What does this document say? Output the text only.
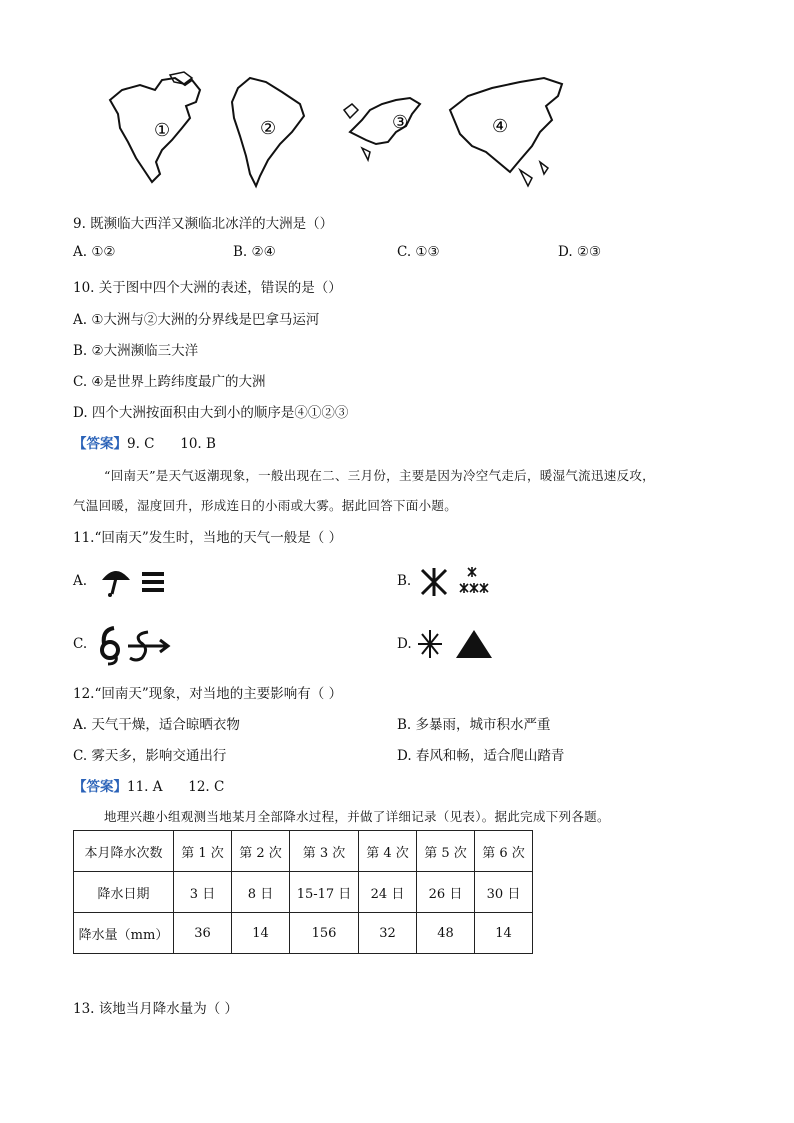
①	②	③	④
9. 既濒临大西洋又濒临北冰洋的大洲是（）
A. ①②	B. ②④	C. ①③	D. ②③
10. 关于图中四个大洲的表述，错误的是（）
A. ①大洲与②大洲的分界线是巴拿马运河
B. ②大洲濒临三大洋
C. ④是世界上跨纬度最广的大洲
D. 四个大洲按面积由大到小的顺序是④①②③
【答案】9. C      10. B
“回南天”是天气返潮现象，一般出现在二、三月份，主要是因为冷空气走后，暖湿气流迅速反攻，
气温回暖，湿度回升，形成连日的小雨或大雾。据此回答下面小题。
11.“回南天”发生时，当地的天气一般是（ ）
A.	B.
C.	D.
12.“回南天”现象，对当地的主要影响有（ ）
A. 天气干燥，适合晾晒衣物	B. 多暴雨，城市积水严重
C. 雾天多，影响交通出行	D. 春风和畅，适合爬山踏青
【答案】11. A      12. C
地理兴趣小组观测当地某月全部降水过程，并做了详细记录（见表）。据此完成下列各题。
本月降水次数	第 1 次	第 2 次	第 3 次	第 4 次	第 5 次	第 6 次
降水日期	3 日	8 日	15-17 日	24 日	26 日	30 日
降水量（mm）	36	14	156	32	48	14
13. 该地当月降水量为（ ）
